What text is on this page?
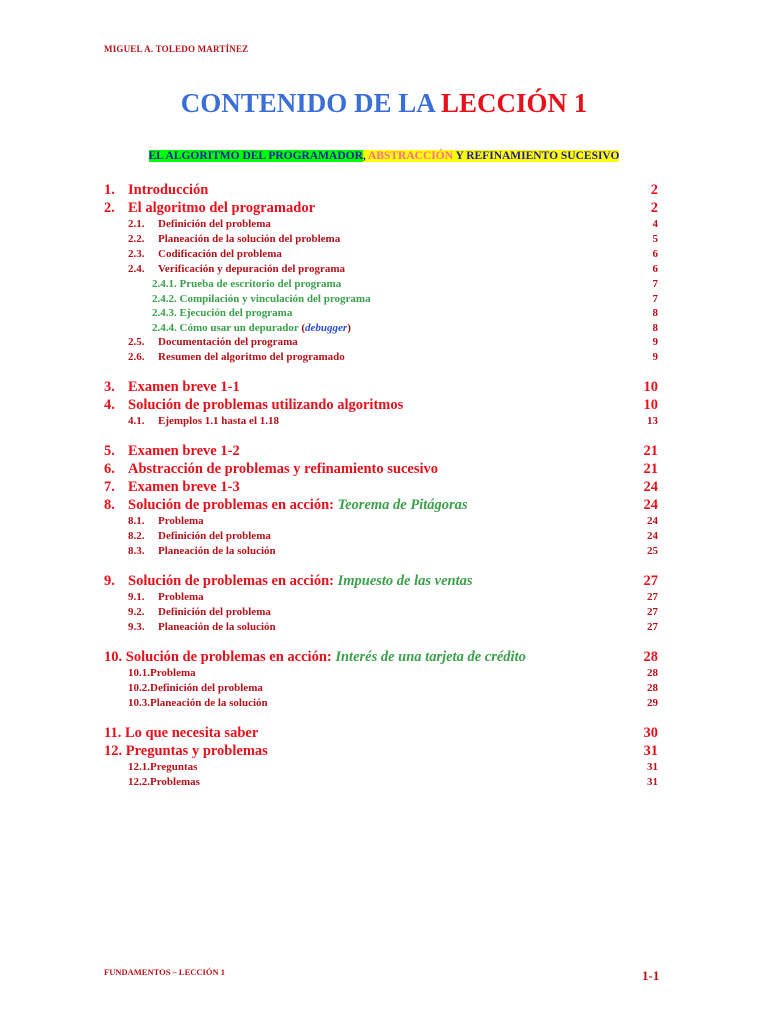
MIGUEL A. TOLEDO MARTÍNEZ
CONTENIDO DE LA LECCIÓN 1
EL ALGORITMO DEL PROGRAMADOR, ABSTRACCIÓN Y REFINAMIENTO SUCESIVO
1. Introducción	2
2. El algoritmo del programador	2
2.1. Definición del problema	4
2.2. Planeación de la solución del problema	5
2.3. Codificación del problema	6
2.4. Verificación y depuración del programa	6
2.4.1. Prueba de escritorio del programa	7
2.4.2. Compilación y vinculación del programa	7
2.4.3. Ejecución del programa	8
2.4.4. Cómo usar un depurador (debugger)	8
2.5. Documentación del programa	9
2.6. Resumen del algoritmo del programado	9
3. Examen breve 1-1	10
4. Solución de problemas utilizando algoritmos	10
4.1. Ejemplos 1.1 hasta el 1.18	13
5. Examen breve 1-2	21
6. Abstracción de problemas y refinamiento sucesivo	21
7. Examen breve 1-3	24
8. Solución de problemas en acción: Teorema de Pitágoras	24
8.1. Problema	24
8.2. Definición del problema	24
8.3. Planeación de la solución	25
9. Solución de problemas en acción: Impuesto de las ventas	27
9.1. Problema	27
9.2. Definición del problema	27
9.3. Planeación de la solución	27
10. Solución de problemas en acción: Interés de una tarjeta de crédito	28
10.1.Problema	28
10.2.Definición del problema	28
10.3.Planeación de la solución	29
11. Lo que necesita saber	30
12. Preguntas y problemas	31
12.1.Preguntas	31
12.2.Problemas	31
FUNDAMENTOS – LECCIÓN 1	1-1
